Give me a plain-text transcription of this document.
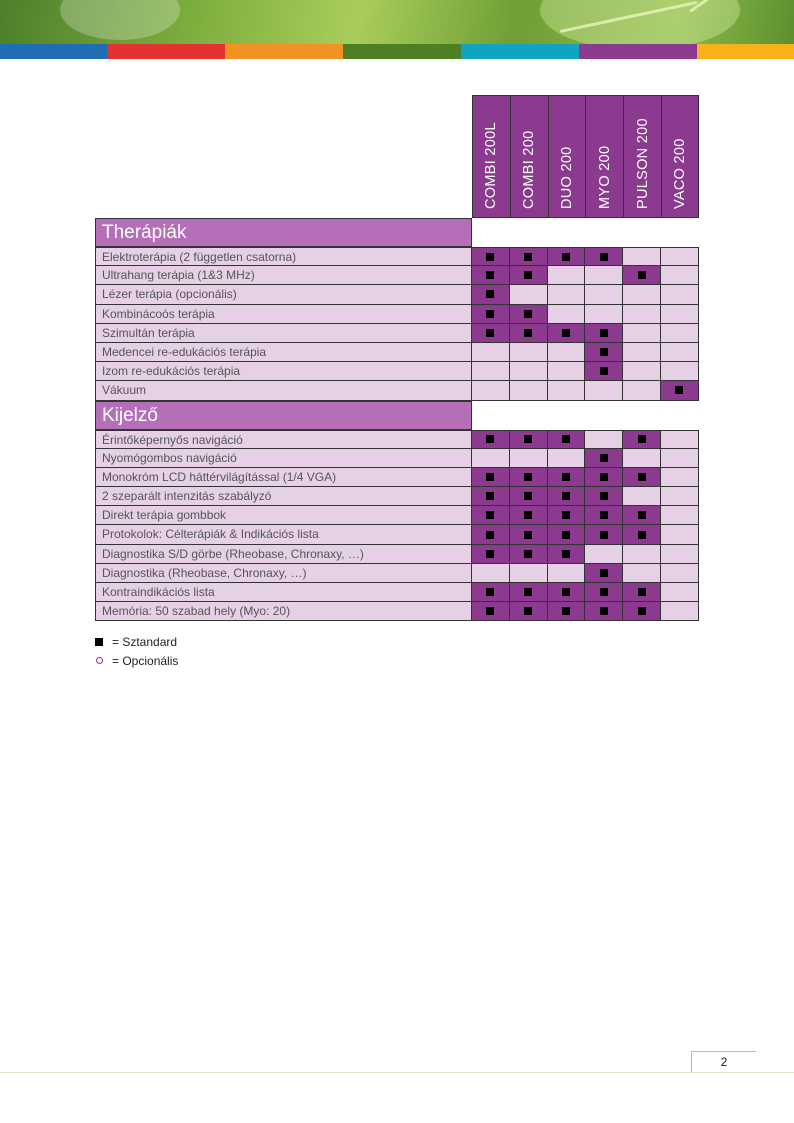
COMBI 200L COMBI 200 DUO 200 MYO 200 PULSON 200 VACO 200
Therápiák
Elektroterápia (2 független csatorna)
Ultrahang terápia (1&3 MHz)
Lézer terápia (opcionális)
Kombinácoós terápia
Szimultán terápia
Medencei re-edukációs terápia
Izom re-edukációs terápia
Vákuum
Kijelző
Érintőképernyős navigáció
Nyomógombos navigáció
Monokróm LCD háttérvilágítással (1/4 VGA)
2 szeparált intenzitás szabályzó
Direkt terápia gombbok
Protokolok: Célterápiák & Indikációs lista
Diagnostika S/D görbe (Rheobase, Chronaxy, …)
Diagnostika (Rheobase, Chronaxy, …)
Kontraindikációs lista
Memória: 50 szabad hely (Myo: 20)
= Sztandard
= Opcionális
2
